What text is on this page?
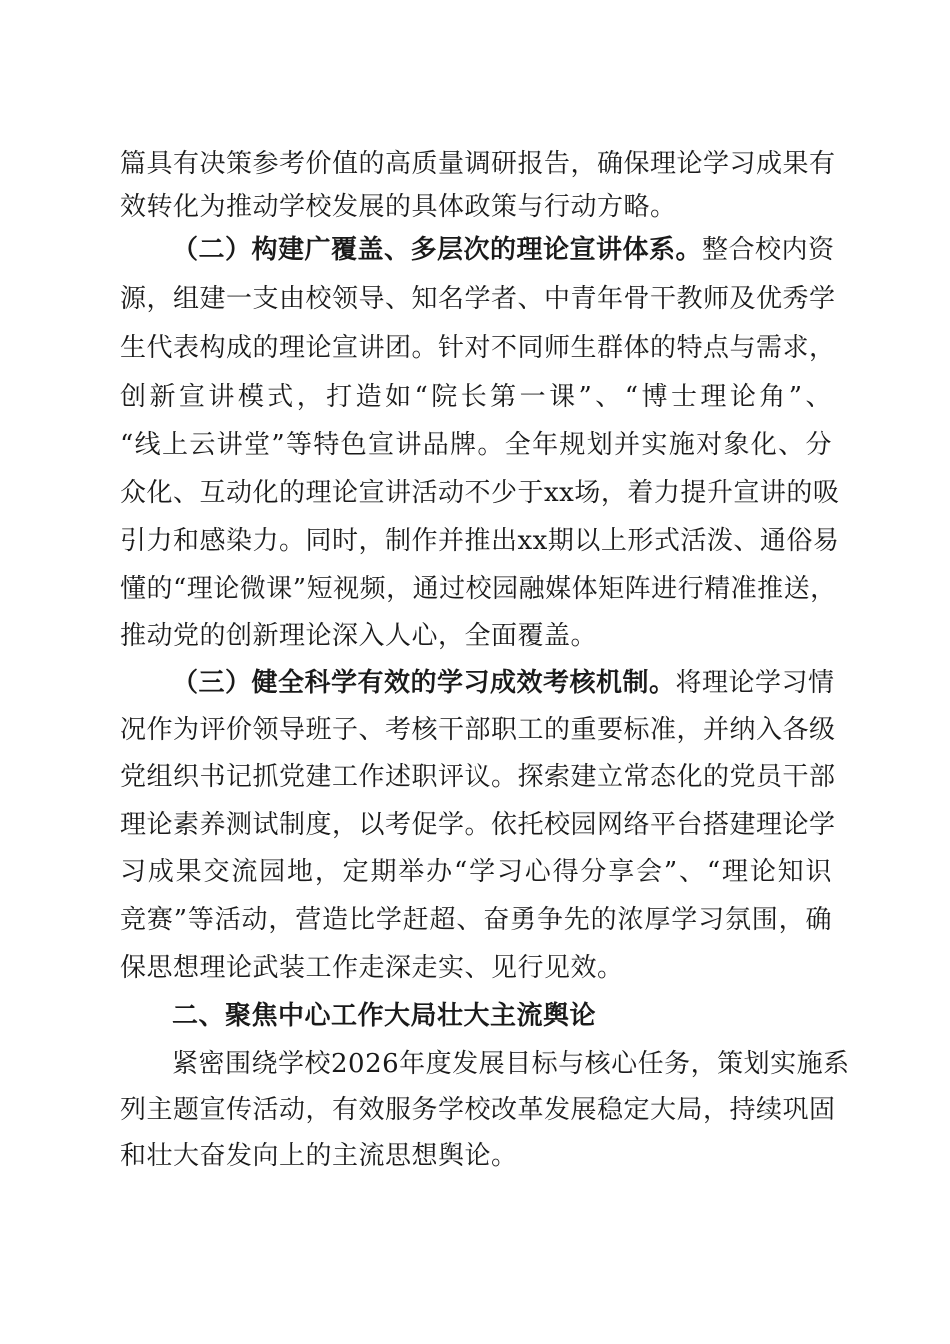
篇具有决策参考价值的高质量调研报告，确保理论学习成果有
效转化为推动学校发展的具体政策与行动方略。
（二）构建广覆盖、多层次的理论宣讲体系。整合校内资
源，组建一支由校领导、知名学者、中青年骨干教师及优秀学
生代表构成的理论宣讲团。针对不同师生群体的特点与需求，
创新宣讲模式，打造如“院长第一课”、“博士理论角”、
“线上云讲堂”等特色宣讲品牌。全年规划并实施对象化、分
众化、互动化的理论宣讲活动不少于xx场，着力提升宣讲的吸
引力和感染力。同时，制作并推出xx期以上形式活泼、通俗易
懂的“理论微课”短视频，通过校园融媒体矩阵进行精准推送，
推动党的创新理论深入人心，全面覆盖。
（三）健全科学有效的学习成效考核机制。将理论学习情
况作为评价领导班子、考核干部职工的重要标准，并纳入各级
党组织书记抓党建工作述职评议。探索建立常态化的党员干部
理论素养测试制度，以考促学。依托校园网络平台搭建理论学
习成果交流园地，定期举办“学习心得分享会”、“理论知识
竞赛”等活动，营造比学赶超、奋勇争先的浓厚学习氛围，确
保思想理论武装工作走深走实、见行见效。
二、聚焦中心工作大局壮大主流舆论
紧密围绕学校2026年度发展目标与核心任务，策划实施系
列主题宣传活动，有效服务学校改革发展稳定大局，持续巩固
和壮大奋发向上的主流思想舆论。
